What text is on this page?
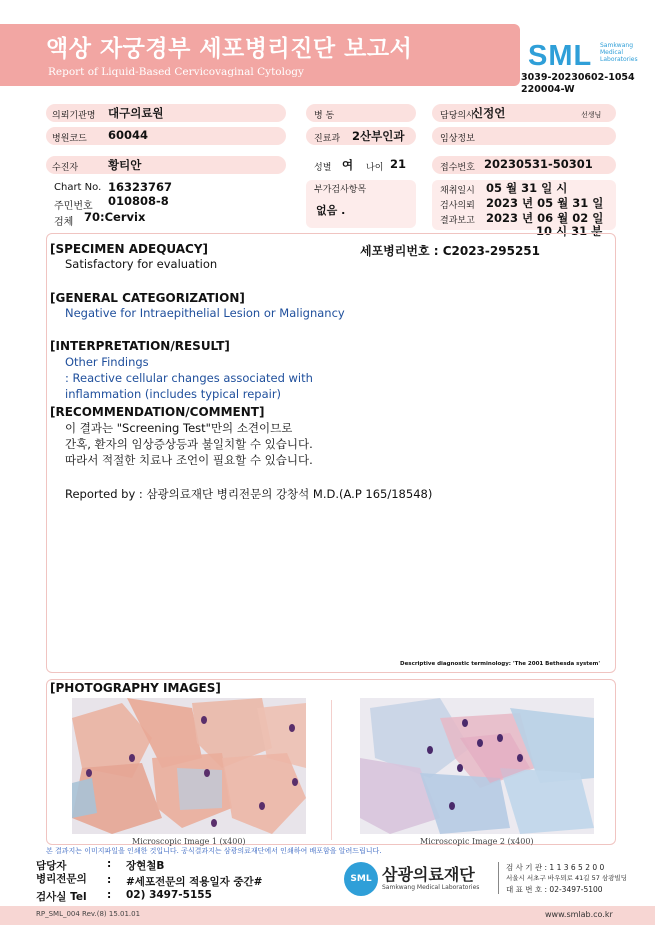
액상 자궁경부 세포병리진단 보고서
Report of Liquid-Based Cervicovaginal Cytology	SML Samkwang Medical Laboratories
3039-20230602-1054
220004-W
의뢰기관명 대구의료원	병 동	담당의사
신정언	선생님
병원코드 60044	진료과 2산부인과	임상정보
수진자	황티안	성별 여 나이 21	접수번호 20230531-50301
Chart No. 16323767
주민번호 010808-8
검체 70:Cervix
부가검사항목
없음 .
채취일시 05 월 31 일 시
검사의뢰 2023 년 05 월 31 일
결과보고 2023 년 06 월 02 일
10 시 31 분
세포병리번호 : C2023-295251
[SPECIMEN ADEQUACY]
Satisfactory for evaluation
[GENERAL CATEGORIZATION]
Negative for Intraepithelial Lesion or Malignancy
[INTERPRETATION/RESULT]
Other Findings
: Reactive cellular changes associated with
inflammation (includes typical repair)
[RECOMMENDATION/COMMENT]
이 결과는 "Screening Test"만의 소견이므로
간혹, 환자의 임상증상등과 불일치할 수 있습니다.
따라서 적절한 치료나 조언이 필요할 수 있습니다.
Reported by : 삼광의료재단 병리전문의 강창석 M.D.(A.P 165/18548)
Descriptive diagnostic terminology: 'The 2001 Bethesda system'
[PHOTOGRAPHY IMAGES]
Microscopic Image 1 (x400)	Microscopic Image 2 (x400)
본 결과지는 이미지파일을 인쇄한 것입니다. 공식결과지는 삼광의료재단에서 인쇄하여 배포함을 알려드립니다.
담당자	: 장현철B
병리전문의 : #세포전문의 적용일자 중간#
검사실 Tel : 02) 3497-5155
SML 삼광의료재단
Samkwang Medical Laboratories
검 사 기 관 : 1 1 3 6 5 2 0 0
서울시 서초구 바우뫼로 41길 57 삼광빌딩
대 표 번 호 : 02-3497-5100
RP_SML_004 Rev.(8) 15.01.01	www.smlab.co.kr
